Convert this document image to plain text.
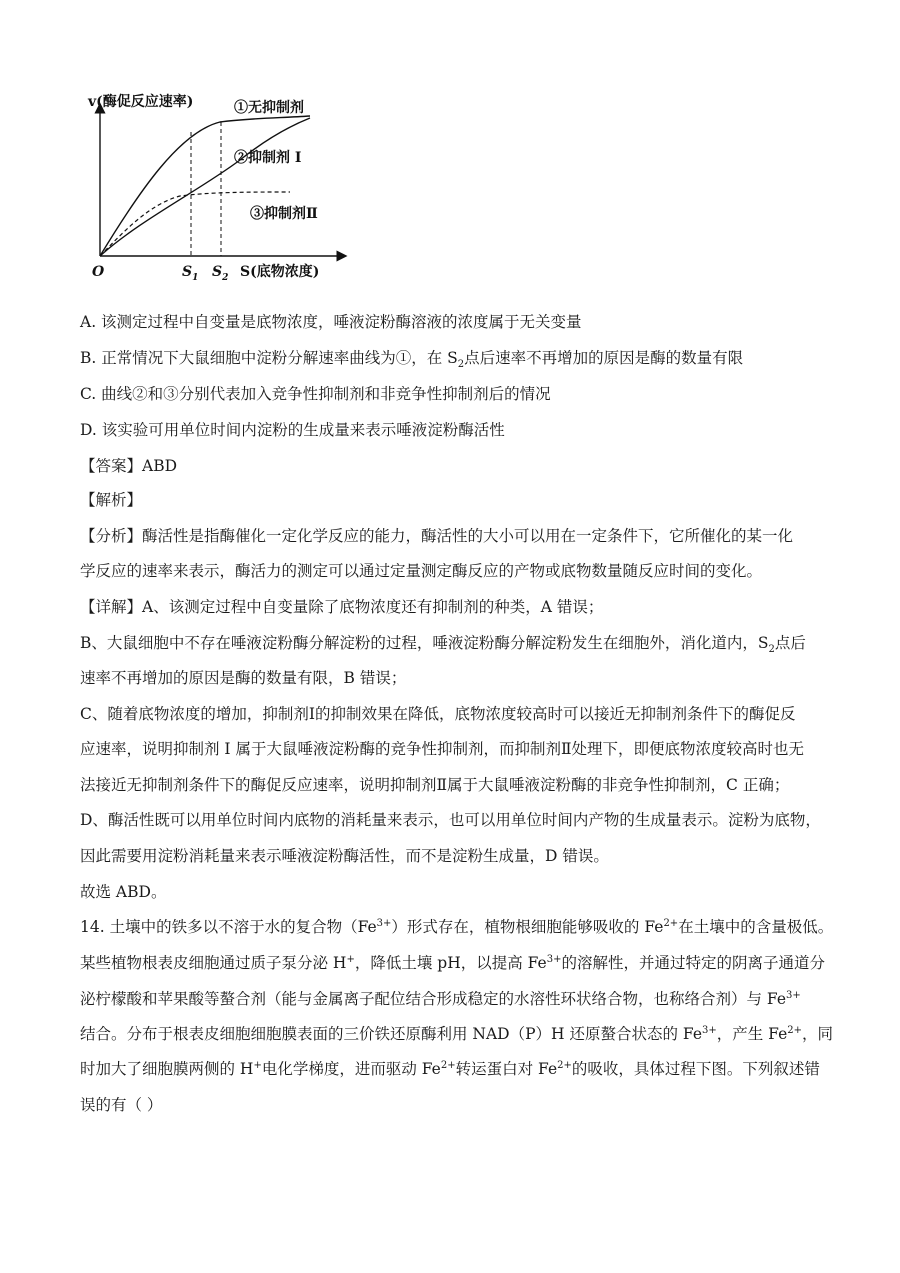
v(酶促反应速率)	①无抑制剂
②抑制剂 Ⅰ
③抑制剂Ⅱ
O	$S_1$ $S_2$ S(底物浓度)
A. 该测定过程中自变量是底物浓度，唾液淀粉酶溶液的浓度属于无关变量
B. 正常情况下大鼠细胞中淀粉分解速率曲线为①，在 $S_2$点后速率不再增加的原因是酶的数量有限
C. 曲线②和③分别代表加入竞争性抑制剂和非竞争性抑制剂后的情况
D. 该实验可用单位时间内淀粉的生成量来表示唾液淀粉酶活性
【答案】ABD
【解析】
【分析】酶活性是指酶催化一定化学反应的能力，酶活性的大小可以用在一定条件下，它所催化的某一化
学反应的速率来表示，酶活力的测定可以通过定量测定酶反应的产物或底物数量随反应时间的变化。
【详解】A、该测定过程中自变量除了底物浓度还有抑制剂的种类，A 错误；
B、大鼠细胞中不存在唾液淀粉酶分解淀粉的过程，唾液淀粉酶分解淀粉发生在细胞外，消化道内，$S_2$点后
速率不再增加的原因是酶的数量有限，B 错误；
C、随着底物浓度的增加，抑制剂Ⅰ的抑制效果在降低，底物浓度较高时可以接近无抑制剂条件下的酶促反
应速率，说明抑制剂 I 属于大鼠唾液淀粉酶的竞争性抑制剂，而抑制剂Ⅱ处理下，即便底物浓度较高时也无
法接近无抑制剂条件下的酶促反应速率，说明抑制剂Ⅱ属于大鼠唾液淀粉酶的非竞争性抑制剂，C 正确；
D、酶活性既可以用单位时间内底物的消耗量来表示，也可以用单位时间内产物的生成量表示。淀粉为底物，
因此需要用淀粉消耗量来表示唾液淀粉酶活性，而不是淀粉生成量，D 错误。
故选 ABD。
14. 土壤中的铁多以不溶于水的复合物$(Fe^{3+})$形式存在，植物根细胞能够吸收的 $Fe^{2+}$在土壤中的含量极低。
某些植物根表皮细胞通过质子泵分泌 H+，降低土壤 pH，以提高 $Fe^{3+}$的溶解性，并通过特定的阴离子通道分
泌柠檬酸和苹果酸等螯合剂（能与金属离子配位结合形成稳定的水溶性环状络合物，也称络合剂）与 $Fe^{3+}$
结合。分布于根表皮细胞细胞膜表面的三价铁还原酶利用 NAD（P）H 还原螯合状态的 $Fe^{3+}$，产生 $Fe^{2+}$，同
时加大了细胞膜两侧的 H+电化学梯度，进而驱动 $Fe^{2+}$转运蛋白对 $Fe^{2+}$的吸收，具体过程下图。下列叙述错
误的有（ ）
